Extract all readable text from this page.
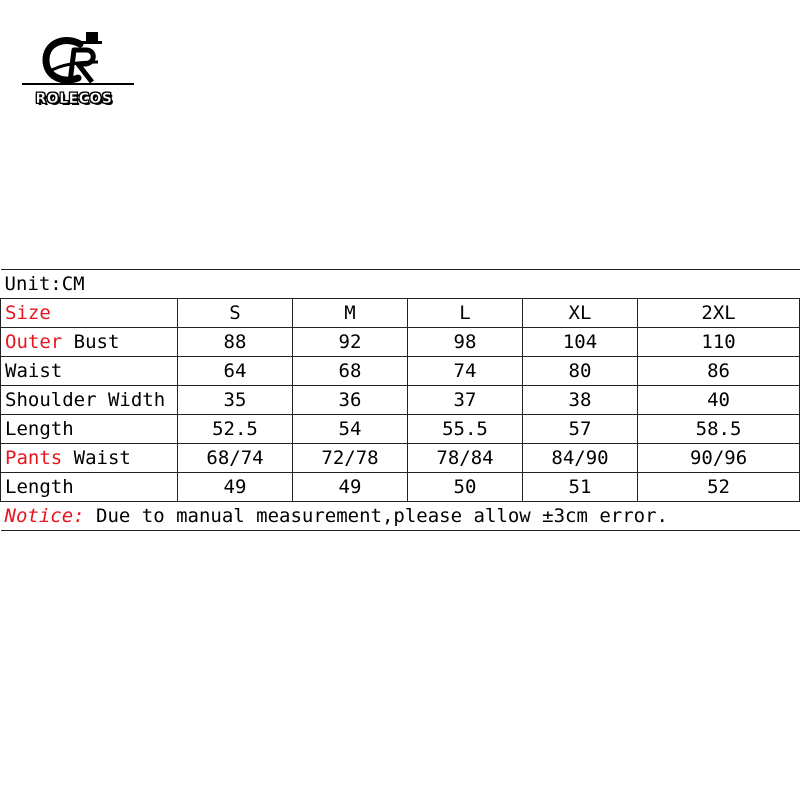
ROLECOS
Unit:CM					
Size	S	M	L	XL	2XL
Outer Bust	88	92	98	104	110
Waist	64	68	74	80	86
Shoulder Width	35	36	37	38	40
Length	52.5	54	55.5	57	58.5
Pants Waist	68/74	72/78	78/84	84/90	90/96
Length	49	49	50	51	52
Notice: Due to manual measurement,please allow ±3cm error.					
